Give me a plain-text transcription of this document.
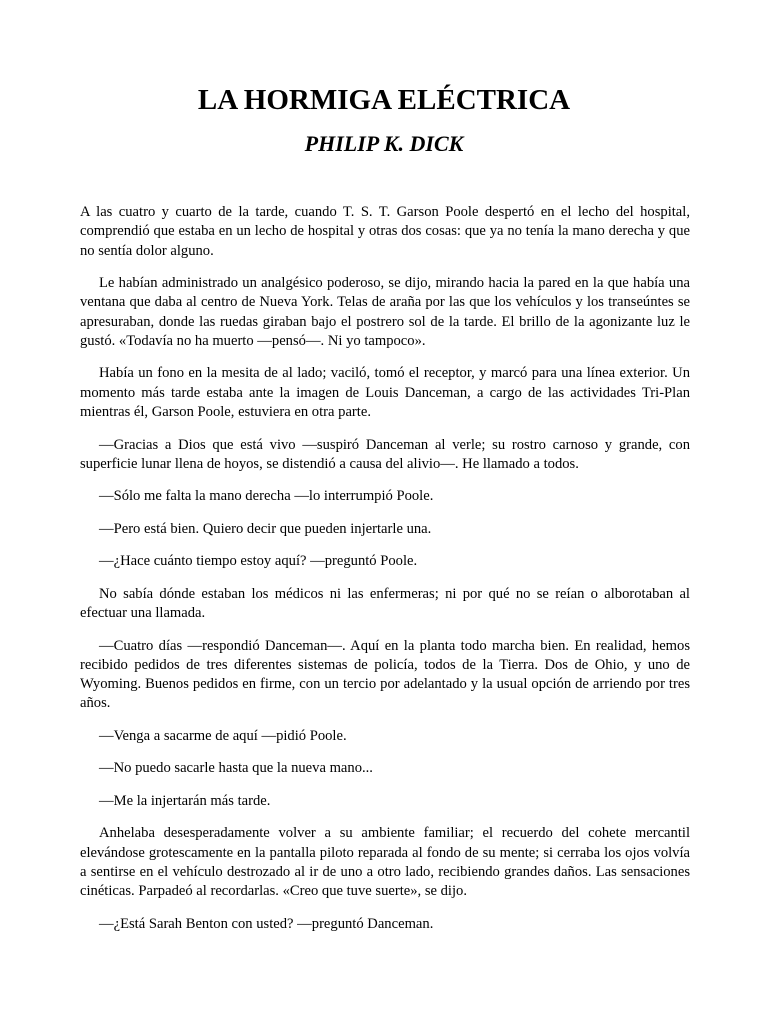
LA HORMIGA ELÉCTRICA
PHILIP K. DICK

A las cuatro y cuarto de la tarde, cuando T. S. T. Garson Poole despertó en el lecho del hospital, comprendió que estaba en un lecho de hospital y otras dos cosas: que ya no tenía la mano derecha y que no sentía dolor alguno.

Le habían administrado un analgésico poderoso, se dijo, mirando hacia la pared en la que había una ventana que daba al centro de Nueva York. Telas de araña por las que los vehículos y los transeúntes se apresuraban, donde las ruedas giraban bajo el postrero sol de la tarde. El brillo de la agonizante luz le gustó. «Todavía no ha muerto —pensó—. Ni yo tampoco».

Había un fono en la mesita de al lado; vaciló, tomó el receptor, y marcó para una línea exterior. Un momento más tarde estaba ante la imagen de Louis Danceman, a cargo de las actividades Tri-Plan mientras él, Garson Poole, estuviera en otra parte.

—Gracias a Dios que está vivo —suspiró Danceman al verle; su rostro carnoso y grande, con superficie lunar llena de hoyos, se distendió a causa del alivio—. He llamado a todos.

—Sólo me falta la mano derecha —lo interrumpió Poole.

—Pero está bien. Quiero decir que pueden injertarle una.

—¿Hace cuánto tiempo estoy aquí? —preguntó Poole.

No sabía dónde estaban los médicos ni las enfermeras; ni por qué no se reían o alborotaban al efectuar una llamada.

—Cuatro días —respondió Danceman—. Aquí en la planta todo marcha bien. En realidad, hemos recibido pedidos de tres diferentes sistemas de policía, todos de la Tierra. Dos de Ohio, y uno de Wyoming. Buenos pedidos en firme, con un tercio por adelantado y la usual opción de arriendo por tres años.

—Venga a sacarme de aquí —pidió Poole.

—No puedo sacarle hasta que la nueva mano...

—Me la injertarán más tarde.

Anhelaba desesperadamente volver a su ambiente familiar; el recuerdo del cohete mercantil elevándose grotescamente en la pantalla piloto reparada al fondo de su mente; si cerraba los ojos volvía a sentirse en el vehículo destrozado al ir de uno a otro lado, recibiendo grandes daños. Las sensaciones cinéticas. Parpadeó al recordarlas. «Creo que tuve suerte», se dijo.

—¿Está Sarah Benton con usted? —preguntó Danceman.
